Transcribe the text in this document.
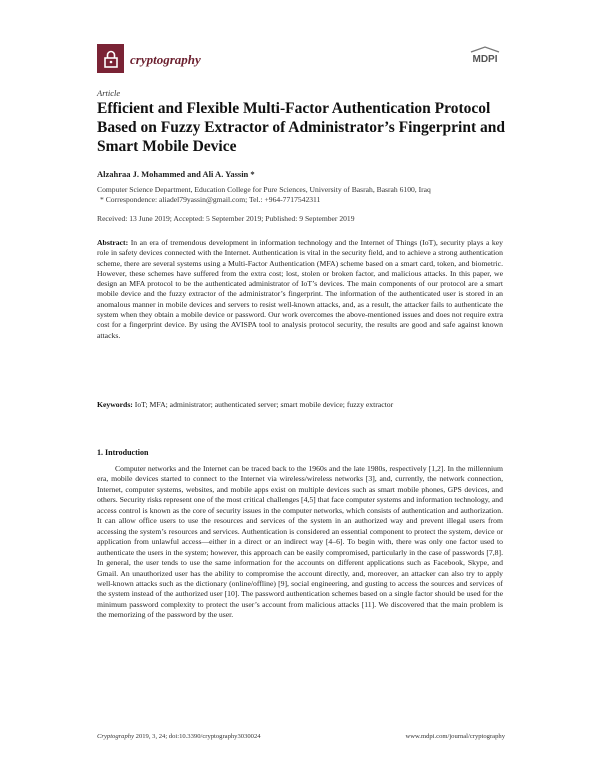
cryptography	MDPI
Article
Efficient and Flexible Multi-Factor Authentication Protocol Based on Fuzzy Extractor of Administrator’s Fingerprint and Smart Mobile Device
Alzahraa J. Mohammed and Ali A. Yassin *
Computer Science Department, Education College for Pure Sciences, University of Basrah, Basrah 6100, Iraq
* Correspondence: aliadel79yassin@gmail.com; Tel.: +964-7717542311
Received: 13 June 2019; Accepted: 5 September 2019; Published: 9 September 2019

Abstract: In an era of tremendous development in information technology and the Internet of Things (IoT), security plays a key role in safety devices connected with the Internet. Authentication is vital in the security field, and to achieve a strong authentication scheme, there are several systems using a Multi-Factor Authentication (MFA) scheme based on a smart card, token, and biometric. However, these schemes have suffered from the extra cost; lost, stolen or broken factor, and malicious attacks. In this paper, we design an MFA protocol to be the authenticated administrator of IoT’s devices. The main components of our protocol are a smart mobile device and the fuzzy extractor of the administrator’s fingerprint. The information of the authenticated user is stored in an anomalous manner in mobile devices and servers to resist well-known attacks, and, as a result, the attacker fails to authenticate the system when they obtain a mobile device or password. Our work overcomes the above-mentioned issues and does not require extra cost for a fingerprint device. By using the AVISPA tool to analysis protocol security, the results are good and safe against known attacks.

Keywords: IoT; MFA; administrator; authenticated server; smart mobile device; fuzzy extractor
1. Introduction

Computer networks and the Internet can be traced back to the 1960s and the late 1980s, respectively [1,2]. In the millennium era, mobile devices started to connect to the Internet via wireless/wireless networks [3], and, currently, the network connection, Internet, computer systems, websites, and mobile apps exist on multiple devices such as smart mobile phones, GPS devices, and others. Security risks represent one of the most critical challenges [4,5] that face computer systems and information technology, and access control is known as the core of security issues in the computer networks, which consists of authentication and authorization. It can allow office users to use the resources and services of the system in an authorized way and prevent illegal users from accessing the system’s resources and services. Authentication is considered an essential component to protect the system, device or application from unlawful access—either in a direct or an indirect way [4–6]. To begin with, there was only one factor used to authenticate the users in the system; however, this approach can be easily compromised, particularly in the case of passwords [7,8]. In general, the user tends to use the same information for the accounts on different applications such as Facebook, Skype, and Gmail. An unauthorized user has the ability to compromise the account directly, and, moreover, an attacker can also try to apply well-known attacks such as the dictionary (online/offline) [9], social engineering, and gusting to access the sources and services of the system instead of the authorized user [10]. The password authentication schemes based on a single factor should be used for the minimum password complexity to protect the user’s account from malicious attacks [11]. We discovered that the main problem is the memorizing of the password by the user.

Cryptography 2019, 3, 24; doi:10.3390/cryptography3030024	www.mdpi.com/journal/cryptography
